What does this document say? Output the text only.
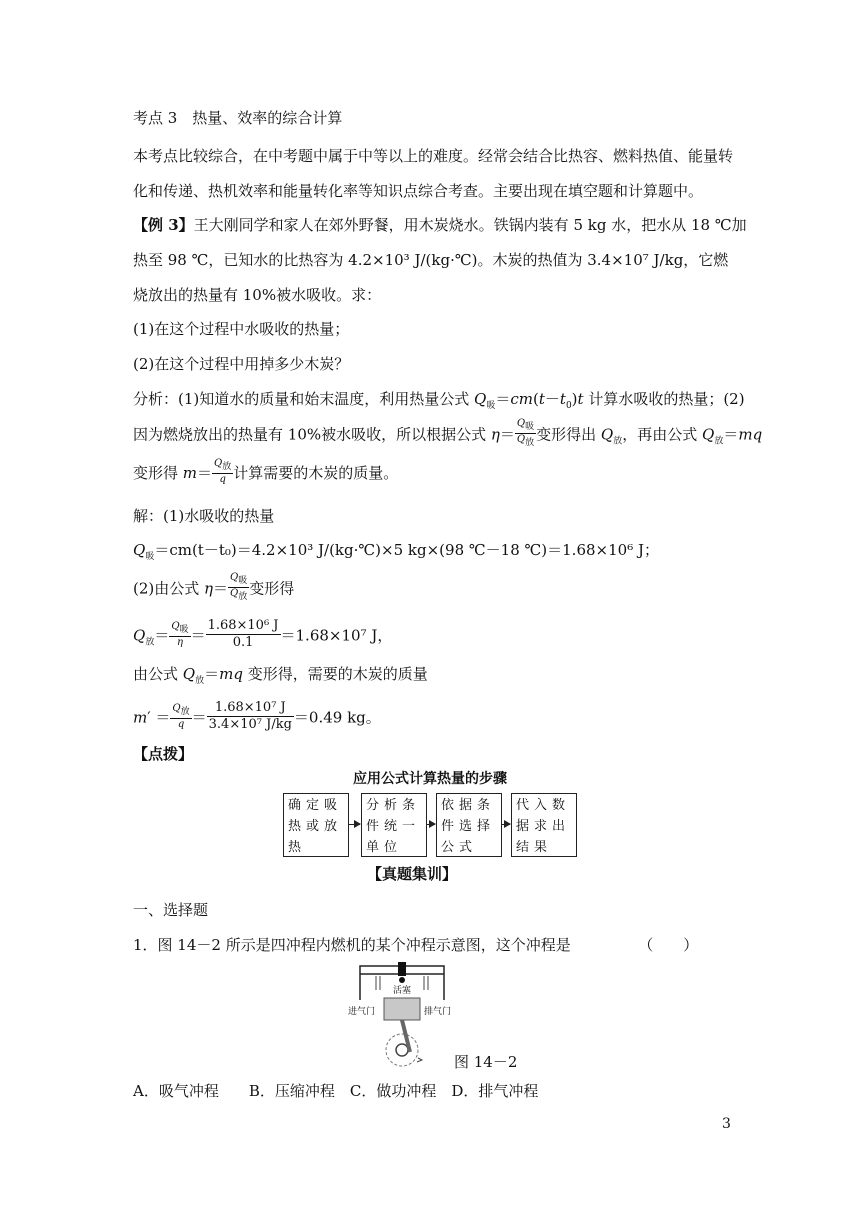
考点 3　热量、效率的综合计算
本考点比较综合，在中考题中属于中等以上的难度。经常会结合比热容、燃料热值、能量转
化和传递、热机效率和能量转化率等知识点综合考查。主要出现在填空题和计算题中。
【例 3】王大刚同学和家人在郊外野餐，用木炭烧水。铁锅内装有 5 kg 水，把水从 18 ℃加
热至 98 ℃，已知水的比热容为 4.2×10³ J/(kg·℃)。木炭的热值为 3.4×10⁷ J/kg，它燃
烧放出的热量有 10%被水吸收。求：
(1)在这个过程中水吸收的热量；
(2)在这个过程中用掉多少木炭？
分析：(1)知道水的质量和始末温度，利用热量公式 $Q_吸=cm(t-t_0)t$ 计算水吸收的热量；(2)
因为燃烧放出的热量有 10%被水吸收，所以根据公式 $\eta= \frac{Q_吸}{Q_放}$ 变形得出 $Q_放$，再由公式 $Q_放=mq$
变形得 $m= \frac{Q_放}{q}$ 计算需要的木炭的质量。
解：(1)水吸收的热量
$Q_吸=cm(t-t_0)=4.2\times 10^3$ J/(kg·℃)×5 kg×(98 ℃－18 ℃)＝1.68×10⁶ J；
(2)由公式 $\eta= \frac{Q_吸}{Q_放}$ 变形得
$Q_放= \frac{Q_吸}{\eta} = \frac{\text{1.68×10⁶ J}}{0.1} =1.68\times 10^7$ J，
由公式 $Q_放=mq$ 变形得，需要的木炭的质量
$m' = \frac{Q_放}{q} = \frac{\text{1.68×10⁷ J}}{\text{3.4×10⁷ J/kg}} =0.49$ kg。
【点拨】
应用公式计算热量的步骤
确定吸热或放热
分析条件统一单位
依据条件选择公式
代入数据求出结果
【真题集训】
一、选择题
1．图 14－2 所示是四冲程内燃机的某个冲程示意图，这个冲程是　　　　　（　　）
活塞
进气门	排气门
图 14－2
A．吸气冲程　　B．压缩冲程　C．做功冲程　D．排气冲程
3
